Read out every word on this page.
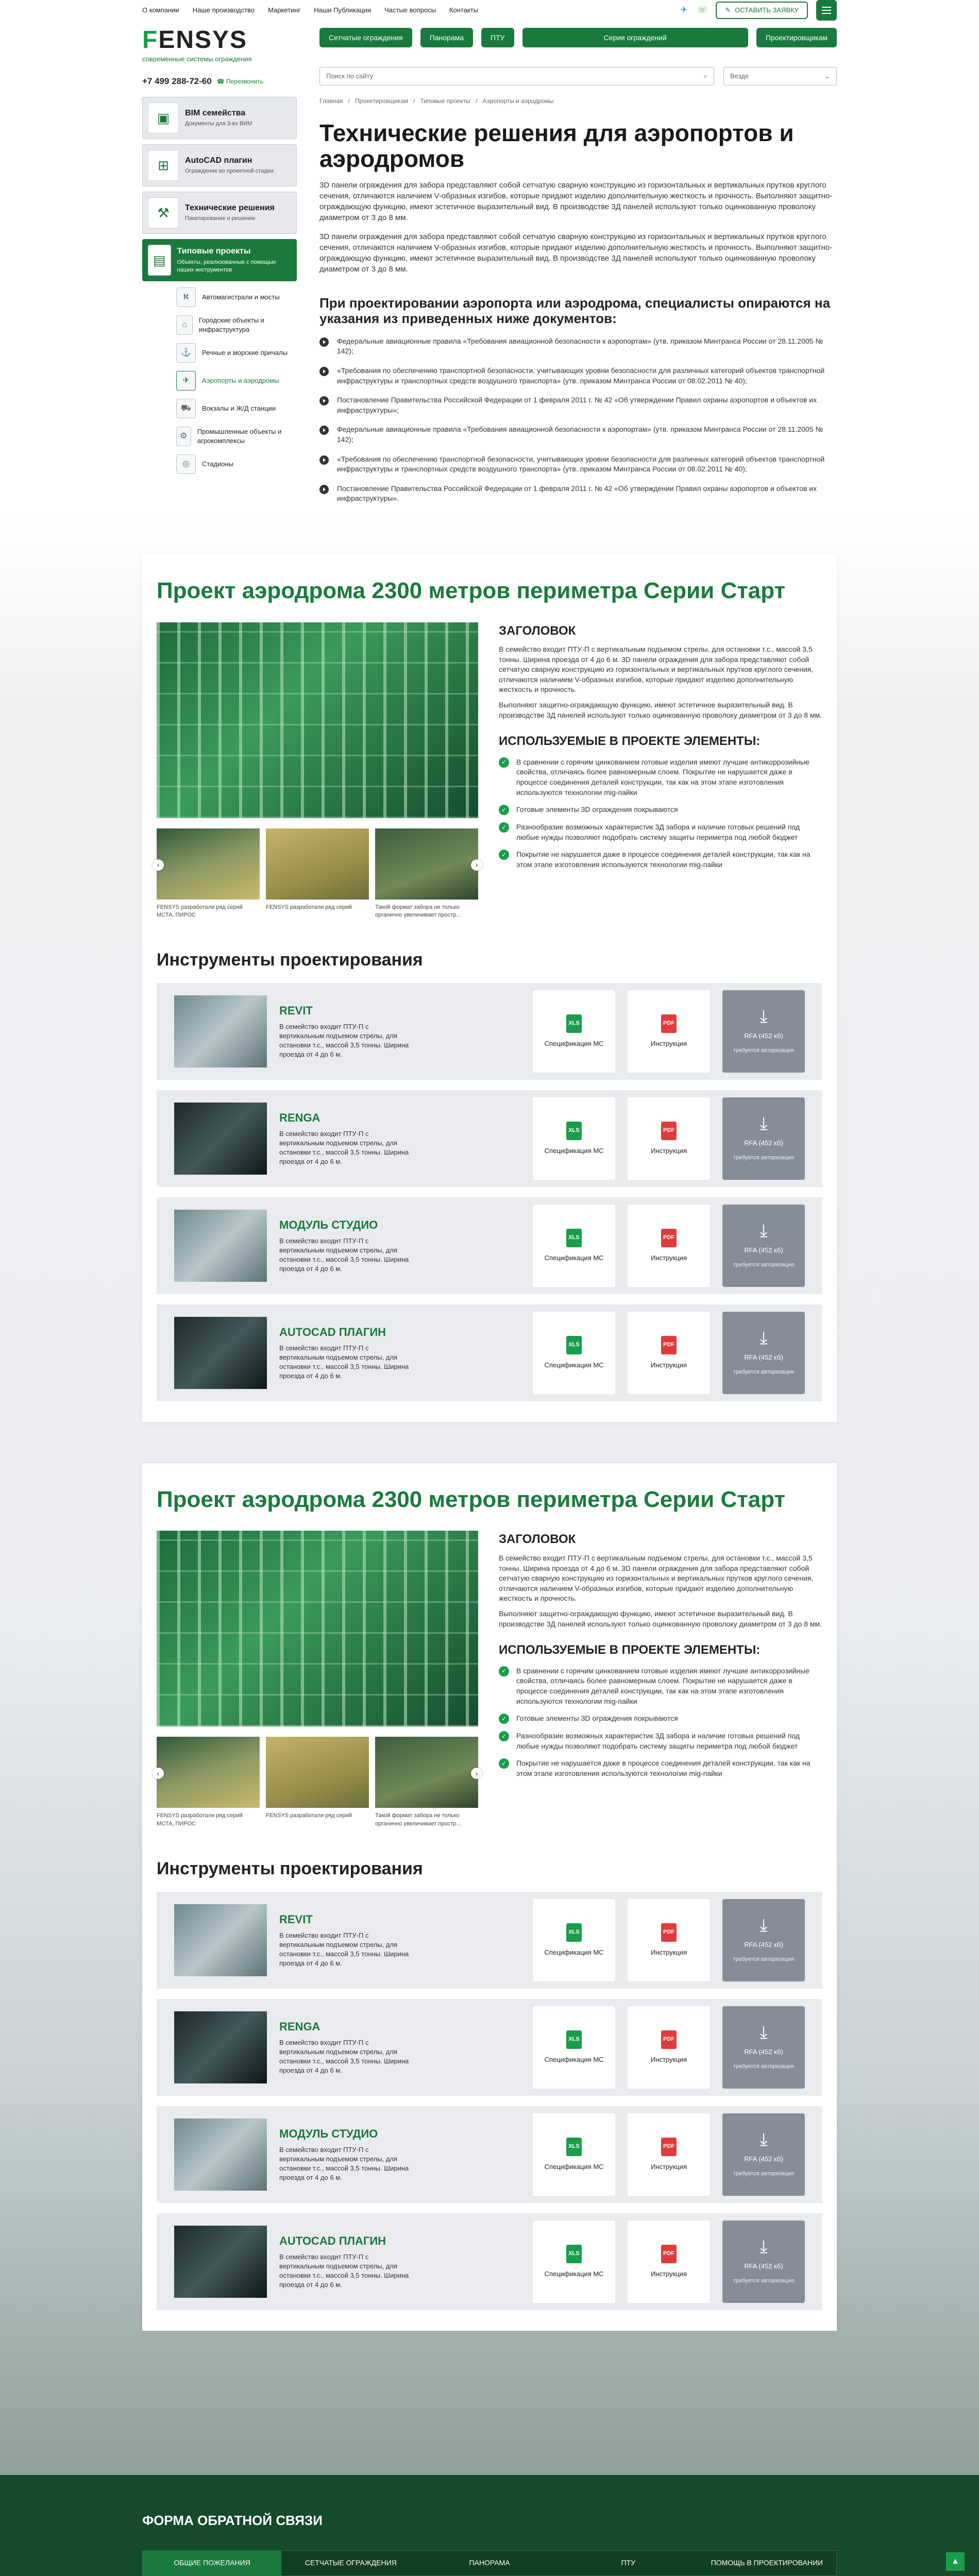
О компании Наше производство Маркетинг Наши Публикации Частые вопросы Контакты	✈ ☏	✎ ОСТАВИТЬ ЗАЯВКУ
FENSYS
современные системы ограждения
+7 499 288-72-60 ☎ Перезвонить
Сетчатые ограждения	Панорама	ПТУ	Серия ограждений	Проектировщикам
Поиск по сайту	⌕	Везде	⌄
▣	BIM семейства
Документы для 3-ех ВИМ
⊞	AutoCAD плагин
Ограждение во проектной стадии
⚒	Технические решения
Пакетирование и решение
▤
Типовые проекты
Объекты, реализованные с помощью наших инструментов
⛕	Автомагистрали и мосты
⌂
Городские объекты и инфраструктура
⚓	Речные и морские причалы
✈	Аэропорты и аэродромы
⛟	Вокзалы и Ж/Д станции
⚙
Промышленные объекты и агрокомплексы
◎	Стадионы
Главная / Проектировщикам / Типовые проекты / Аэропорты и аэродромы
Технические решения для аэропортов и аэродромов

3D панели ограждения для забора представляют собой сетчатую сварную конструкцию из горизонтальных и вертикальных прутков круглого сечения, отличаются наличием V-образных изгибов, которые придают изделию дополнительную жесткость и прочность. Выполняют защитно-ограждающую функцию, имеют эстетичное выразительный вид. В производстве 3Д панелей используют только оцинкованную проволоку диаметром от 3 до 8 мм.

3D панели ограждения для забора представляют собой сетчатую сварную конструкцию из горизонтальных и вертикальных прутков круглого сечения, отличаются наличием V-образных изгибов, которые придают изделию дополнительную жесткость и прочность. Выполняют защитно-ограждающую функцию, имеют эстетичное выразительный вид. В производстве 3Д панелей используют только оцинкованную проволоку диаметром от 3 до 8 мм.

При проектировании аэропорта или аэродрома, специалисты опираются на указания из приведенных ниже документов:
Федеральные авиационные правила «Требования авиационной безопасности к аэропортам» (утв. приказом Минтранса России от 28.11.2005 № 142);
«Требования по обеспечению транспортной безопасности, учитывающих уровни безопасности для различных категорий объектов транспортной инфраструктуры и транспортных средств воздушного транспорта» (утв. приказом Минтранса России от 08.02.2011 № 40);
Постановление Правительства Российской Федерации от 1 февраля 2011 г. № 42 «Об утверждении Правил охраны аэропортов и объектов их инфраструктуры»;
Федеральные авиационные правила «Требования авиационной безопасности к аэропортам» (утв. приказом Минтранса России от 28.11.2005 № 142);
«Требования по обеспечению транспортной безопасности, учитывающих уровни безопасности для различных категорий объектов транспортной инфраструктуры и транспортных средств воздушного транспорта» (утв. приказом Минтранса России от 08.02.2011 № 40);
Постановление Правительства Российской Федерации от 1 февраля 2011 г. № 42 «Об утверждении Правил охраны аэропортов и объектов их инфраструктуры».
Проект аэродрома 2300 метров периметра Серии Старт
FENSYS разработали ряд серий МСТА, ПИРОС
FENSYS разработали ряд серий	Такой формат забора не только органично увеличивает простр...
‹	›
ЗАГОЛОВОК

В семейство входит ПТУ-П с вертикальным подъемом стрелы, для остановки т.с., массой 3,5 тонны. Ширина проезда от 4 до 6 м. 3D панели ограждения для забора представляют собой сетчатую сварную конструкцию из горизонтальных и вертикальных прутков круглого сечения, отличаются наличием V-образных изгибов, которые придают изделию дополнительную жесткость и прочность.

Выполняют защитно-ограждающую функцию, имеют эстетичное выразительный вид. В производстве 3Д панелей используют только оцинкованную проволоку диаметром от 3 до 8 мм.

ИСПОЛЬЗУЕМЫЕ В ПРОЕКТЕ ЭЛЕМЕНТЫ:
✓	В сравнении с горячим цинкованием готовые изделия имеют лучшие антикоррозийные свойства, отличаясь более равномерным слоем. Покрытие не нарушается даже в процессе соединения деталей конструкции, так как на этом этапе изготовления используются технологии mig-пайки
✓	Готовые элементы 3D ограждения покрываются
✓	Разнообразие возможных характеристик 3Д забора и наличие готовых решений под любые нужды позволяют подобрать систему защиты периметра под любой бюджет
✓	Покрытие не нарушается даже в процессе соединения деталей конструкции, так как на этом этапе изготовления используются технологии mig-пайки
Инструменты проектирования
REVIT
В семейство входит ПТУ-П с вертикальным подъемом стрелы, для остановки т.с., массой 3,5 тонны. Ширина проезда от 4 до 6 м.
XLS
Спецификация МС
PDF
Инструкция
⤓
RFA (452 кб)
требуется авторизация
RENGA
В семейство входит ПТУ-П с вертикальным подъемом стрелы, для остановки т.с., массой 3,5 тонны. Ширина проезда от 4 до 6 м.
XLS
Спецификация МС
PDF
Инструкция
⤓
RFA (452 кб)
требуется авторизация
МОДУЛЬ СТУДИО
В семейство входит ПТУ-П с вертикальным подъемом стрелы, для остановки т.с., массой 3,5 тонны. Ширина проезда от 4 до 6 м.
XLS
Спецификация МС
PDF
Инструкция
⤓
RFA (452 кб)
требуется авторизация
AUTOCAD ПЛАГИН
В семейство входит ПТУ-П с вертикальным подъемом стрелы, для остановки т.с., массой 3,5 тонны. Ширина проезда от 4 до 6 м.
XLS
Спецификация МС
PDF
Инструкция
⤓
RFA (452 кб)
требуется авторизация
Проект аэродрома 2300 метров периметра Серии Старт
FENSYS разработали ряд серий МСТА, ПИРОС
FENSYS разработали ряд серий	Такой формат забора не только органично увеличивает простр...
‹	›
ЗАГОЛОВОК

В семейство входит ПТУ-П с вертикальным подъемом стрелы, для остановки т.с., массой 3,5 тонны. Ширина проезда от 4 до 6 м. 3D панели ограждения для забора представляют собой сетчатую сварную конструкцию из горизонтальных и вертикальных прутков круглого сечения, отличаются наличием V-образных изгибов, которые придают изделию дополнительную жесткость и прочность.

Выполняют защитно-ограждающую функцию, имеют эстетичное выразительный вид. В производстве 3Д панелей используют только оцинкованную проволоку диаметром от 3 до 8 мм.

ИСПОЛЬЗУЕМЫЕ В ПРОЕКТЕ ЭЛЕМЕНТЫ:
✓	В сравнении с горячим цинкованием готовые изделия имеют лучшие антикоррозийные свойства, отличаясь более равномерным слоем. Покрытие не нарушается даже в процессе соединения деталей конструкции, так как на этом этапе изготовления используются технологии mig-пайки
✓	Готовые элементы 3D ограждения покрываются
✓	Разнообразие возможных характеристик 3Д забора и наличие готовых решений под любые нужды позволяют подобрать систему защиты периметра под любой бюджет
✓	Покрытие не нарушается даже в процессе соединения деталей конструкции, так как на этом этапе изготовления используются технологии mig-пайки
Инструменты проектирования
REVIT
В семейство входит ПТУ-П с вертикальным подъемом стрелы, для остановки т.с., массой 3,5 тонны. Ширина проезда от 4 до 6 м.
XLS
Спецификация МС
PDF
Инструкция
⤓
RFA (452 кб)
требуется авторизация
RENGA
В семейство входит ПТУ-П с вертикальным подъемом стрелы, для остановки т.с., массой 3,5 тонны. Ширина проезда от 4 до 6 м.
XLS
Спецификация МС
PDF
Инструкция
⤓
RFA (452 кб)
требуется авторизация
МОДУЛЬ СТУДИО
В семейство входит ПТУ-П с вертикальным подъемом стрелы, для остановки т.с., массой 3,5 тонны. Ширина проезда от 4 до 6 м.
XLS
Спецификация МС
PDF
Инструкция
⤓
RFA (452 кб)
требуется авторизация
AUTOCAD ПЛАГИН
В семейство входит ПТУ-П с вертикальным подъемом стрелы, для остановки т.с., массой 3,5 тонны. Ширина проезда от 4 до 6 м.
XLS
Спецификация МС
PDF
Инструкция
⤓
RFA (452 кб)
требуется авторизация
ФОРМА ОБРАТНОЙ СВЯЗИ
ОБЩИЕ ПОЖЕЛАНИЯ	СЕТЧАТЫЕ ОГРАЖДЕНИЯ	ПАНОРАМА	ПТУ	ПОМОЩЬ В ПРОЕКТИРОВАНИИ	▲
